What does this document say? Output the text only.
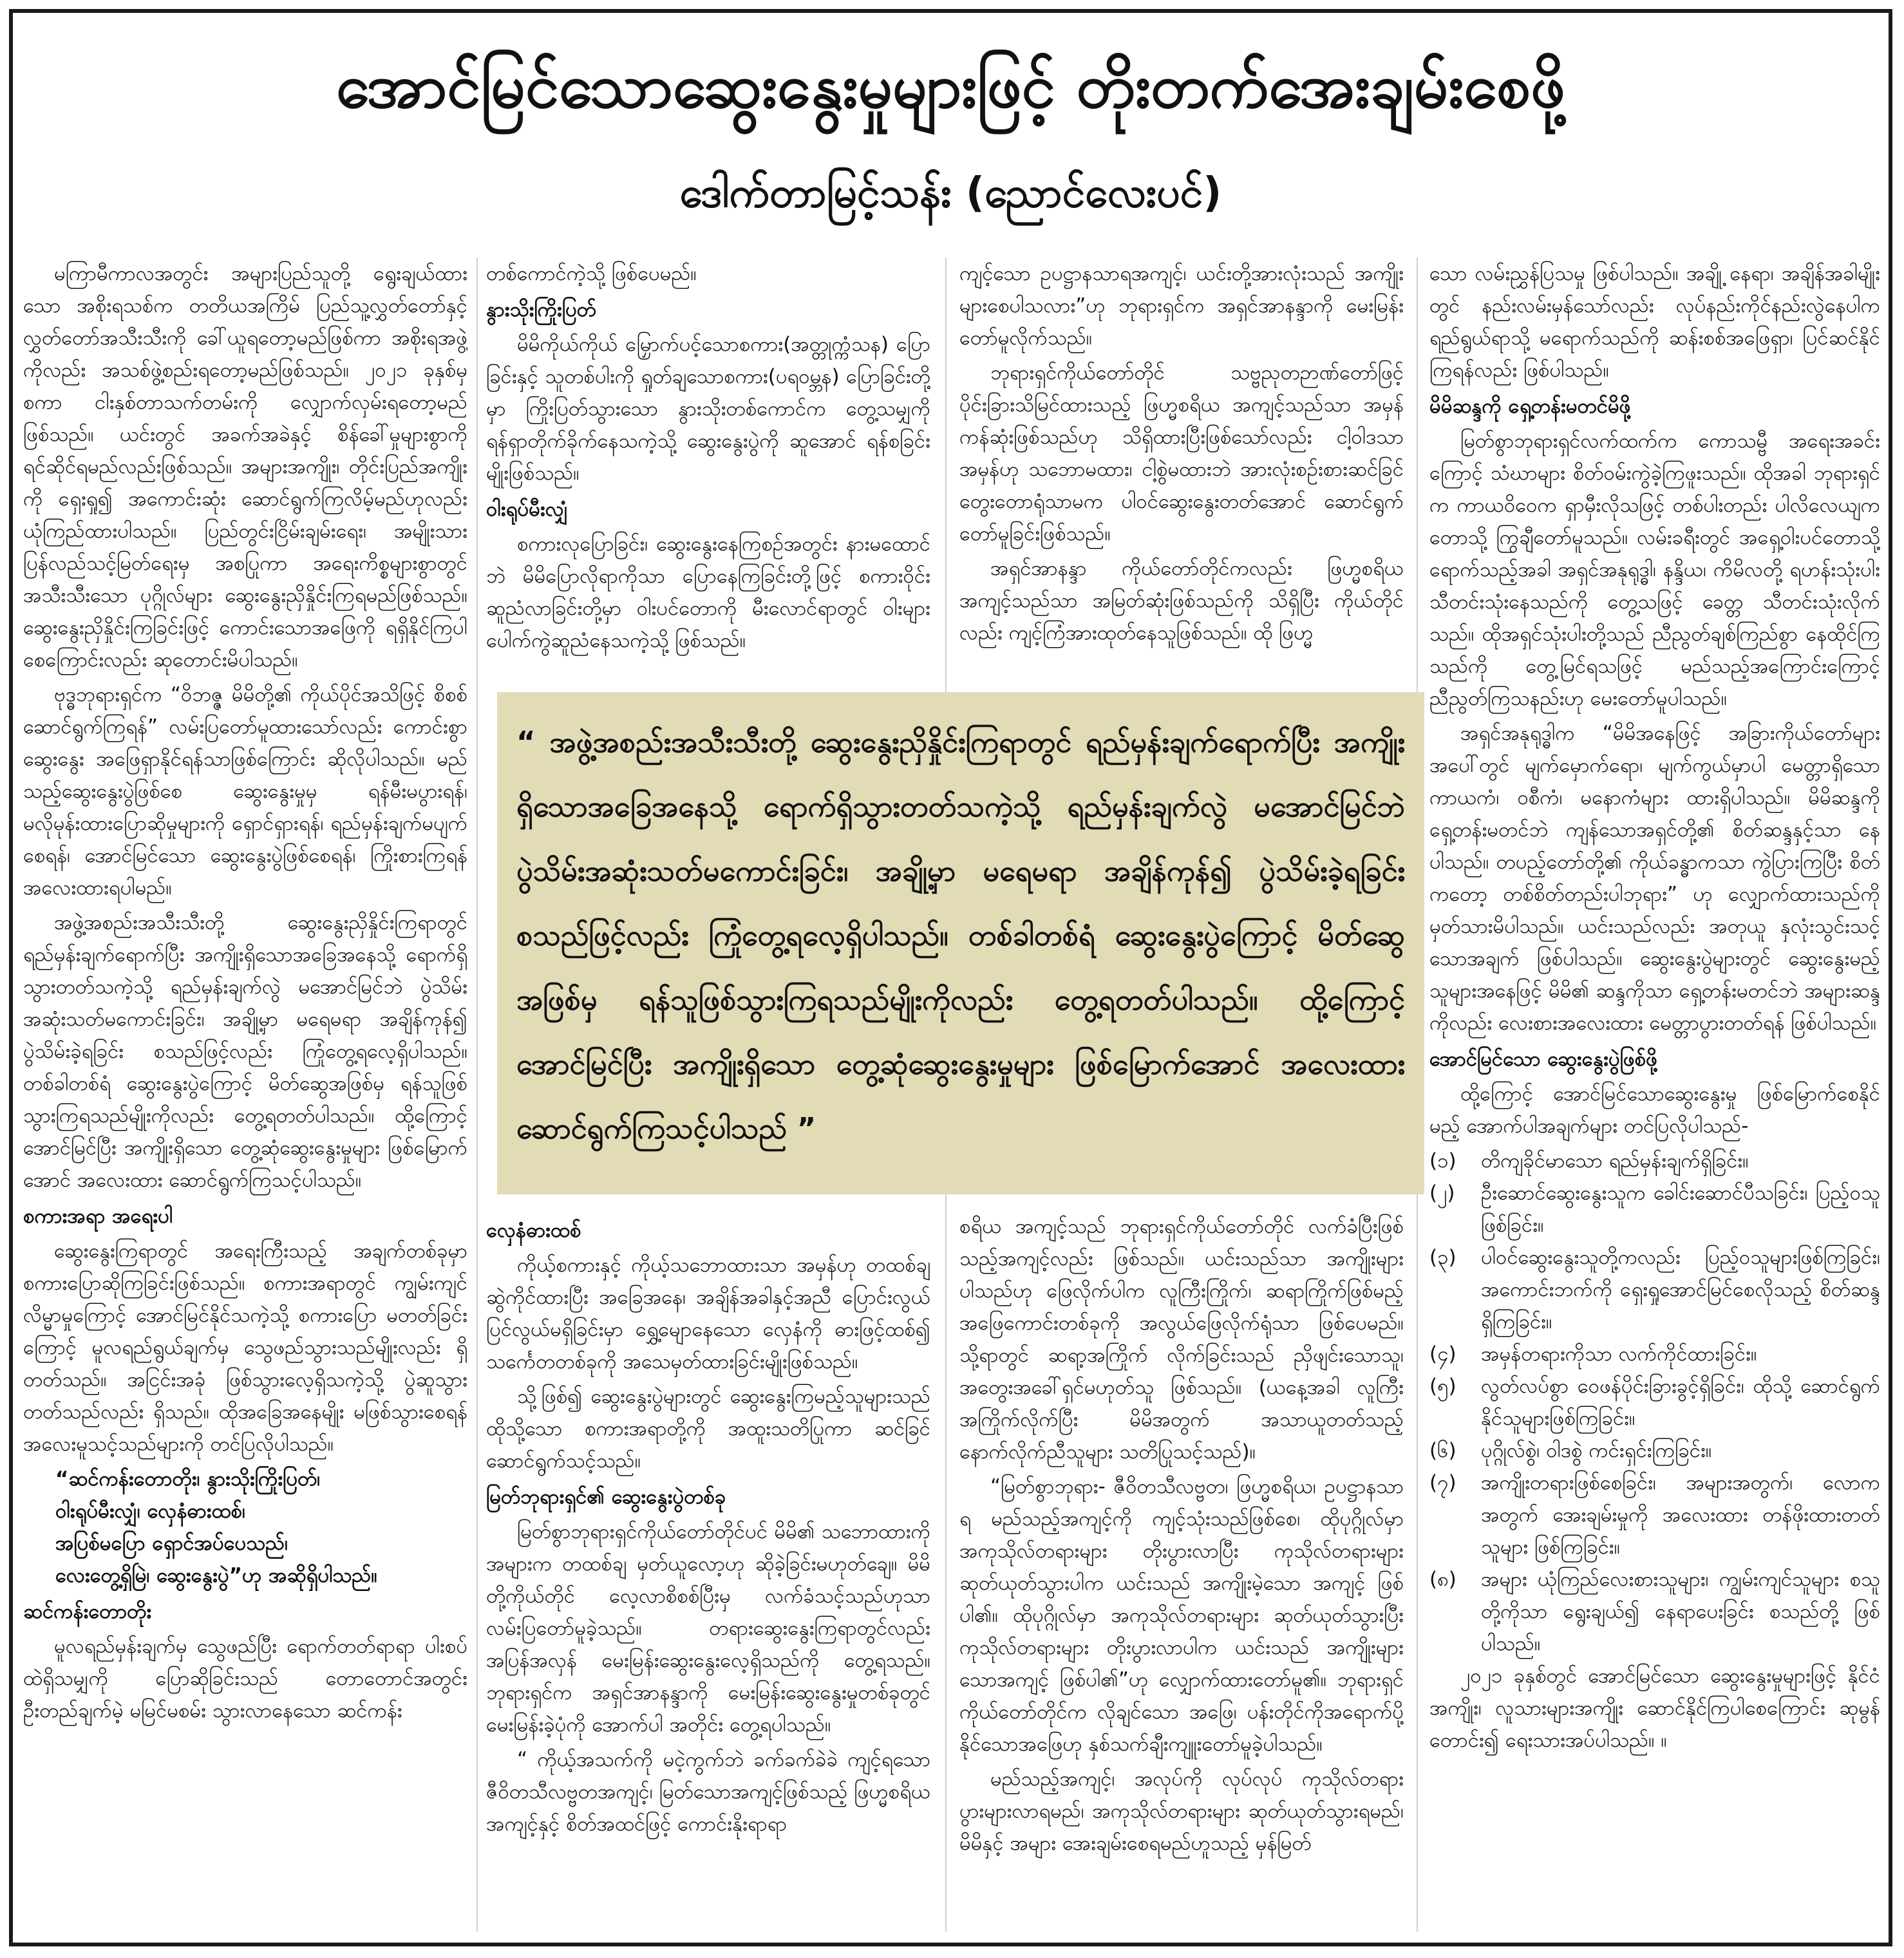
အောင်မြင်သောဆွေးနွေးမှုများဖြင့် တိုးတက်အေးချမ်းစေဖို့
ဒေါက်တာမြင့်သန်း (ညောင်လေးပင်)

မကြာမီကာလအတွင်း အများပြည်သူတို့ ရွေးချယ်ထားသော အစိုးရသစ်က တတိယအကြိမ် ပြည်သူ့လွှတ်တော်နှင့် လွှတ်တော်အသီးသီးကို ခေါ်ယူရတော့မည်ဖြစ်ကာ အစိုးရအဖွဲ့ကိုလည်း အသစ်ဖွဲ့စည်းရတော့မည်ဖြစ်သည်။ ၂၀၂၁ ခုနှစ်မှစကာ ငါးနှစ်တာသက်တမ်းကို လျှောက်လှမ်းရတော့မည်ဖြစ်သည်။ ယင်းတွင် အခက်အခဲနှင့် စိန်ခေါ်မှုများစွာကို ရင်ဆိုင်ရမည်လည်းဖြစ်သည်။ အများအကျိုး၊ တိုင်းပြည်အကျိုးကို ရှေးရှု၍ အကောင်းဆုံး ဆောင်ရွက်ကြလိမ့်မည်ဟုလည်း ယုံကြည်ထားပါသည်။ ပြည်တွင်းငြိမ်းချမ်းရေး၊ အမျိုးသားပြန်လည်သင့်မြတ်ရေးမှ အစပြုကာ အရေးကိစ္စများစွာတွင် အသီးသီးသော ပုဂ္ဂိုလ်များ ဆွေးနွေးညှိနှိုင်းကြရမည်ဖြစ်သည်။ ဆွေးနွေးညှိနှိုင်းကြခြင်းဖြင့် ကောင်းသောအဖြေကို ရရှိနိုင်ကြပါစေကြောင်းလည်း ဆုတောင်းမိပါသည်။

ဗုဒ္ဓဘုရားရှင်က “ဝိဘဇ္ဇ မိမိတို့၏ ကိုယ်ပိုင်အသိဖြင့် စိစစ်ဆောင်ရွက်ကြရန်” လမ်းပြတော်မူထားသော်လည်း ကောင်းစွာ ဆွေးနွေး အဖြေရှာနိုင်ရန်သာဖြစ်ကြောင်း ဆိုလိုပါသည်။ မည်သည့်ဆွေးနွေးပွဲဖြစ်စေ ဆွေးနွေးမှုမှ ရန်မီးမပွားရန်၊ မလိုမုန်းထားပြောဆိုမှုများကို ရှောင်ရှားရန်၊ ရည်မှန်းချက်မပျက်စေရန်၊ အောင်မြင်သော ဆွေးနွေးပွဲဖြစ်စေရန်၊ ကြိုးစားကြရန် အလေးထားရပါမည်။

အဖွဲ့အစည်းအသီးသီးတို့ ဆွေးနွေးညှိနှိုင်းကြရာတွင် ရည်မှန်းချက်ရောက်ပြီး အကျိုးရှိသောအခြေအနေသို့ ရောက်ရှိသွားတတ်သကဲ့သို့ ရည်မှန်းချက်လွဲ မအောင်မြင်ဘဲ ပွဲသိမ်းအဆုံးသတ်မကောင်းခြင်း၊ အချို့မှာ မရေမရာ အချိန်ကုန်၍ ပွဲသိမ်းခဲ့ရခြင်း စသည်ဖြင့်လည်း ကြုံတွေ့ရလေ့ရှိပါသည်။ တစ်ခါတစ်ရံ ဆွေးနွေးပွဲကြောင့် မိတ်ဆွေအဖြစ်မှ ရန်သူဖြစ်သွားကြရသည်မျိုးကိုလည်း တွေ့ရတတ်ပါသည်။ ထို့ကြောင့် အောင်မြင်ပြီး အကျိုးရှိသော တွေ့ဆုံဆွေးနွေးမှုများ ဖြစ်မြောက်အောင် အလေးထား ဆောင်ရွက်ကြသင့်ပါသည်။

စကားအရာ အရေးပါ

ဆွေးနွေးကြရာတွင် အရေးကြီးသည့် အချက်တစ်ခုမှာ စကားပြောဆိုကြခြင်းဖြစ်သည်။ စကားအရာတွင် ကျွမ်းကျင်လိမ္မာမှုကြောင့် အောင်မြင်နိုင်သကဲ့သို့ စကားပြော မတတ်ခြင်းကြောင့် မူလရည်ရွယ်ချက်မှ သွေဖည်သွားသည်မျိုးလည်း ရှိတတ်သည်။ အငြင်းအခုံ ဖြစ်သွားလေ့ရှိသကဲ့သို့ ပွဲဆူသွားတတ်သည်လည်း ရှိသည်။ ထိုအခြေအနေမျိုး မဖြစ်သွားစေရန် အလေးမူသင့်သည်များကို တင်ပြလိုပါသည်။

“ဆင်ကန်းတောတိုး၊ နွားသိုးကြိုးပြတ်၊

ဝါးရုပ်မီးလျှံ၊ လှေနံဓားထစ်၊

အပြစ်မပြော ရှောင်အပ်ပေသည်၊

လေးတွေ့ရှိမြဲ၊ ဆွေးနွေးပွဲ”ဟု အဆိုရှိပါသည်။

ဆင်ကန်းတောတိုး

မူလရည်မှန်းချက်မှ သွေဖည်ပြီး ရောက်တတ်ရာရာ ပါးစပ်ထဲရှိသမျှကို ပြောဆိုခြင်းသည် တောတောင်အတွင်း ဦးတည်ချက်မဲ့ မမြင်မစမ်း သွားလာနေသော ဆင်ကန်း

တစ်ကောင်ကဲ့သို့ ဖြစ်ပေမည်။

နွားသိုးကြိုးပြတ်

မိမိကိုယ်ကိုယ် မြှောက်ပင့်သောစကား(အတ္တုက္ကံသန) ပြောခြင်းနှင့် သူတစ်ပါးကို ရှုတ်ချသောစကား(ပရဝမ္ဘန) ပြောခြင်းတို့မှာ ကြိုးပြတ်သွားသော နွားသိုးတစ်ကောင်က တွေ့သမျှကို ရန်ရှာတိုက်ခိုက်နေသကဲ့သို့ ဆွေးနွေးပွဲကို ဆူအောင် ရန်စခြင်းမျိုးဖြစ်သည်။

ဝါးရုပ်မီးလျှံ

စကားလုပြောခြင်း၊ ဆွေးနွေးနေကြစဉ်အတွင်း နားမထောင်ဘဲ မိမိပြောလိုရာကိုသာ ပြောနေကြခြင်းတို့ဖြင့် စကားဝိုင်း ဆူညံလာခြင်းတို့မှာ ဝါးပင်တောကို မီးလောင်ရာတွင် ဝါးများ ပေါက်ကွဲဆူညံနေသကဲ့သို့ ဖြစ်သည်။

ကျင့်သော ဥပဋ္ဌာနသာရအကျင့်၊ ယင်းတို့အားလုံးသည် အကျိုးများစေပါသလား”ဟု ဘုရားရှင်က အရှင်အာနန္ဒာကို မေးမြန်းတော်မူလိုက်သည်။

ဘုရားရှင်ကိုယ်တော်တိုင် သဗ္ဗညုတဉာဏ်တော်ဖြင့် ပိုင်းခြားသိမြင်ထားသည့် ဖြဟ္မစရိယ အကျင့်သည်သာ အမှန်ကန်ဆုံးဖြစ်သည်ဟု သိရှိထားပြီးဖြစ်သော်လည်း ငါ့ဝါဒသာအမှန်ဟု သဘောမထား၊ ငါ့စွဲမထားဘဲ အားလုံးစဉ်းစားဆင်ခြင် တွေးတောရုံသာမက ပါဝင်ဆွေးနွေးတတ်အောင် ဆောင်ရွက်တော်မူခြင်းဖြစ်သည်။

အရှင်အာနန္ဒာ ကိုယ်တော်တိုင်ကလည်း ဖြဟ္မစရိယ အကျင့်သည်သာ အမြတ်ဆုံးဖြစ်သည်ကို သိရှိပြီး ကိုယ်တိုင်လည်း ကျင့်ကြံအားထုတ်နေသူဖြစ်သည်။ ထို ဖြဟ္မ

“ အဖွဲ့အစည်းအသီးသီးတို့ ဆွေးနွေးညှိနှိုင်းကြရာတွင် ရည်မှန်းချက်ရောက်ပြီး အကျိုးရှိသောအခြေအနေသို့ ရောက်ရှိသွားတတ်သကဲ့သို့ ရည်မှန်းချက်လွဲ မအောင်မြင်ဘဲ ပွဲသိမ်းအဆုံးသတ်မကောင်းခြင်း၊ အချို့မှာ မရေမရာ အချိန်ကုန်၍ ပွဲသိမ်းခဲ့ရခြင်း စသည်ဖြင့်လည်း ကြုံတွေ့ရလေ့ရှိပါသည်။ တစ်ခါတစ်ရံ ဆွေးနွေးပွဲကြောင့် မိတ်ဆွေအဖြစ်မှ ရန်သူဖြစ်သွားကြရသည်မျိုးကိုလည်း တွေ့ရတတ်ပါသည်။ ထို့ကြောင့် အောင်မြင်ပြီး အကျိုးရှိသော တွေ့ဆုံဆွေးနွေးမှုများ ဖြစ်မြောက်အောင် အလေးထားဆောင်ရွက်ကြသင့်ပါသည် ”
လှေနံဓားထစ်

ကိုယ့်စကားနှင့် ကိုယ့်သဘောထားသာ အမှန်ဟု တထစ်ချ ဆွဲကိုင်ထားပြီး အခြေအနေ၊ အချိန်အခါနှင့်အညီ ပြောင်းလွယ်ပြင်လွယ်မရှိခြင်းမှာ ရွှေ့မျောနေသော လှေနံကို ဓားဖြင့်ထစ်၍ သင်္ကေတတစ်ခုကို အသေမှတ်ထားခြင်းမျိုးဖြစ်သည်။

သို့ဖြစ်၍ ဆွေးနွေးပွဲများတွင် ဆွေးနွေးကြမည့်သူများသည် ထိုသို့သော စကားအရာတို့ကို အထူးသတိပြုကာ ဆင်ခြင်ဆောင်ရွက်သင့်သည်။

မြတ်ဘုရားရှင်၏ ဆွေးနွေးပွဲတစ်ခု

မြတ်စွာဘုရားရှင်ကိုယ်တော်တိုင်ပင် မိမိ၏ သဘောထားကို အများက တထစ်ချ မှတ်ယူလော့ဟု ဆိုခဲ့ခြင်းမဟုတ်ချေ။ မိမိတို့ကိုယ်တိုင် လေ့လာစိစစ်ပြီးမှ လက်ခံသင့်သည်ဟုသာ လမ်းပြတော်မူခဲ့သည်။ တရားဆွေးနွေးကြရာတွင်လည်း အပြန်အလှန် မေးမြန်းဆွေးနွေးလေ့ရှိသည်ကို တွေ့ရသည်။ ဘုရားရှင်က အရှင်အာနန္ဒာကို မေးမြန်းဆွေးနွေးမှုတစ်ခုတွင် မေးမြန်းခဲ့ပုံကို အောက်ပါ အတိုင်း တွေ့ရပါသည်။

“ ကိုယ့်အသက်ကို မငဲ့ကွက်ဘဲ ခက်ခက်ခဲခဲ ကျင့်ရသော ဇီဝိတသီလဗ္ဗတအကျင့်၊ မြတ်သောအကျင့်ဖြစ်သည့် ဖြဟ္မစရိယ အကျင့်နှင့် စိတ်အထင်ဖြင့် ကောင်းနိုးရာရာ

စရိယ အကျင့်သည် ဘုရားရှင်ကိုယ်တော်တိုင် လက်ခံပြီးဖြစ်သည့်အကျင့်လည်း ဖြစ်သည်။ ယင်းသည်သာ အကျိုးများပါသည်ဟု ဖြေလိုက်ပါက လူကြီးကြိုက်၊ ဆရာကြိုက်ဖြစ်မည့် အဖြေကောင်းတစ်ခုကို အလွယ်ဖြေလိုက်ရုံသာ ဖြစ်ပေမည်။ သို့ရာတွင် ဆရာ့အကြိုက် လိုက်ခြင်းသည် ညှိဖျင်းသောသူ၊ အတွေးအခေါ်ရှင်မဟုတ်သူ ဖြစ်သည်။ (ယနေ့အခါ လူကြီးအကြိုက်လိုက်ပြီး မိမိအတွက် အသာယူတတ်သည့် နောက်လိုက်ညီသူများ သတိပြုသင့်သည်)။

“မြတ်စွာဘုရား- ဇီဝိတသီလဗ္ဗတ၊ ဖြဟ္မစရိယ၊ ဥပဋ္ဌာနသာရ မည်သည့်အကျင့်ကို ကျင့်သုံးသည်ဖြစ်စေ၊ ထိုပုဂ္ဂိုလ်မှာ အကုသိုလ်တရားများ တိုးပွားလာပြီး ကုသိုလ်တရားများ ဆုတ်ယုတ်သွားပါက ယင်းသည် အကျိုးမဲ့သော အကျင့် ဖြစ်ပါ၏။ ထိုပုဂ္ဂိုလ်မှာ အကုသိုလ်တရားများ ဆုတ်ယုတ်သွားပြီး ကုသိုလ်တရားများ တိုးပွားလာပါက ယင်းသည် အကျိုးများသောအကျင့် ဖြစ်ပါ၏”ဟု လျှောက်ထားတော်မူ၏။ ဘုရားရှင်ကိုယ်တော်တိုင်က လိုချင်သော အဖြေ၊ ပန်းတိုင်ကိုအရောက်ပို့နိုင်သောအဖြေဟု နှစ်သက်ချီးကျူးတော်မူခဲ့ပါသည်။

မည်သည့်အကျင့်၊ အလုပ်ကို လုပ်လုပ် ကုသိုလ်တရားပွားများလာရမည်၊ အကုသိုလ်တရားများ ဆုတ်ယုတ်သွားရမည်၊ မိမိနှင့် အများ အေးချမ်းစေရမည်ဟူသည့် မှန်မြတ်

သော လမ်းညွှန်ပြသမှု ဖြစ်ပါသည်။ အချို့ နေရာ၊ အချိန်အခါမျိုးတွင် နည်းလမ်းမှန်သော်လည်း လုပ်နည်းကိုင်နည်းလွဲနေပါက ရည်ရွယ်ရာသို့ မရောက်သည်ကို ဆန်းစစ်အဖြေရှာ၊ ပြင်ဆင်နိုင်ကြရန်လည်း ဖြစ်ပါသည်။

မိမိဆန္ဒကို ရှေ့တန်းမတင်မိဖို့

မြတ်စွာဘုရားရှင်လက်ထက်က ကောသမ္ဗီ အရေးအခင်းကြောင့် သံဃာများ စိတ်ဝမ်းကွဲခဲ့ကြဖူးသည်။ ထိုအခါ ဘုရားရှင်က ကာယဝိဝေက ရှာမှီးလိုသဖြင့် တစ်ပါးတည်း ပါလိလေယျကတောသို့ ကြွချီတော်မူသည်။ လမ်းခရီးတွင် အရှေ့ဝါးပင်တောသို့ ရောက်သည့်အခါ အရှင်အနုရုဒ္ဓါ၊ နန္ဒိယ၊ ကိမိလတို့ ရဟန်းသုံးပါး သီတင်းသုံးနေသည်ကို တွေ့သဖြင့် ခေတ္တ သီတင်းသုံးလိုက်သည်။ ထိုအရှင်သုံးပါးတို့သည် ညီညွတ်ချစ်ကြည်စွာ နေထိုင်ကြသည်ကို တွေ့မြင်ရသဖြင့် မည်သည့်အကြောင်းကြောင့် ညီညွတ်ကြသနည်းဟု မေးတော်မူပါသည်။

အရှင်အနုရုဒ္ဓါက “မိမိအနေဖြင့် အခြားကိုယ်တော်များအပေါ်တွင် မျက်မှောက်ရော၊ မျက်ကွယ်မှာပါ မေတ္တာရှိသော ကာယကံ၊ ဝစီကံ၊ မနောကံများ ထားရှိပါသည်။ မိမိဆန္ဒကို ရှေ့တန်းမတင်ဘဲ ကျန်သောအရှင်တို့၏ စိတ်ဆန္ဒနှင့်သာ နေပါသည်။ တပည့်တော်တို့၏ ကိုယ်ခန္ဓာကသာ ကွဲပြားကြပြီး စိတ်ကတော့ တစ်စိတ်တည်းပါဘုရား” ဟု လျှောက်ထားသည်ကို မှတ်သားမိပါသည်။ ယင်းသည်လည်း အတုယူ နှလုံးသွင်းသင့်သောအချက် ဖြစ်ပါသည်။ ဆွေးနွေးပွဲများတွင် ဆွေးနွေးမည့်သူများအနေဖြင့် မိမိ၏ ဆန္ဒကိုသာ ရှေ့တန်းမတင်ဘဲ အများဆန္ဒကိုလည်း လေးစားအလေးထား မေတ္တာပွားတတ်ရန် ဖြစ်ပါသည်။

အောင်မြင်သော ဆွေးနွေးပွဲဖြစ်ဖို့

ထို့ကြောင့် အောင်မြင်သောဆွေးနွေးမှု ဖြစ်မြောက်စေနိုင်မည့် အောက်ပါအချက်များ တင်ပြလိုပါသည်-

(၁)	တိကျခိုင်မာသော ရည်မှန်းချက်ရှိခြင်း။
(၂)	ဦးဆောင်ဆွေးနွေးသူက ခေါင်းဆောင်ပီသခြင်း၊ ပြည့်ဝသူဖြစ်ခြင်း။
(၃)	ပါဝင်ဆွေးနွေးသူတို့ကလည်း ပြည့်ဝသူများဖြစ်ကြခြင်း၊ အကောင်းဘက်ကို ရှေးရှုအောင်မြင်စေလိုသည့် စိတ်ဆန္ဒရှိကြခြင်း။
(၄)	အမှန်တရားကိုသာ လက်ကိုင်ထားခြင်း။
(၅)	လွတ်လပ်စွာ ဝေဖန်ပိုင်းခြားခွင့်ရှိခြင်း၊ ထိုသို့ ဆောင်ရွက်နိုင်သူများဖြစ်ကြခြင်း။
(၆)	ပုဂ္ဂိုလ်စွဲ၊ ဝါဒစွဲ ကင်းရှင်းကြခြင်း။
(၇)	အကျိုးတရားဖြစ်စေခြင်း၊ အများအတွက်၊ လောကအတွက် အေးချမ်းမှုကို အလေးထား တန်ဖိုးထားတတ်သူများ ဖြစ်ကြခြင်း။
(၈)	အများ ယုံကြည်လေးစားသူများ၊ ကျွမ်းကျင်သူများ စသူတို့ကိုသာ ရွေးချယ်၍ နေရာပေးခြင်း စသည်တို့ ဖြစ်ပါသည်။

၂၀၂၁ ခုနှစ်တွင် အောင်မြင်သော ဆွေးနွေးမှုများဖြင့် နိုင်ငံအကျိုး၊ လူသားများအကျိုး ဆောင်နိုင်ကြပါစေကြောင်း ဆုမွန်တောင်း၍ ရေးသားအပ်ပါသည်။ ။
